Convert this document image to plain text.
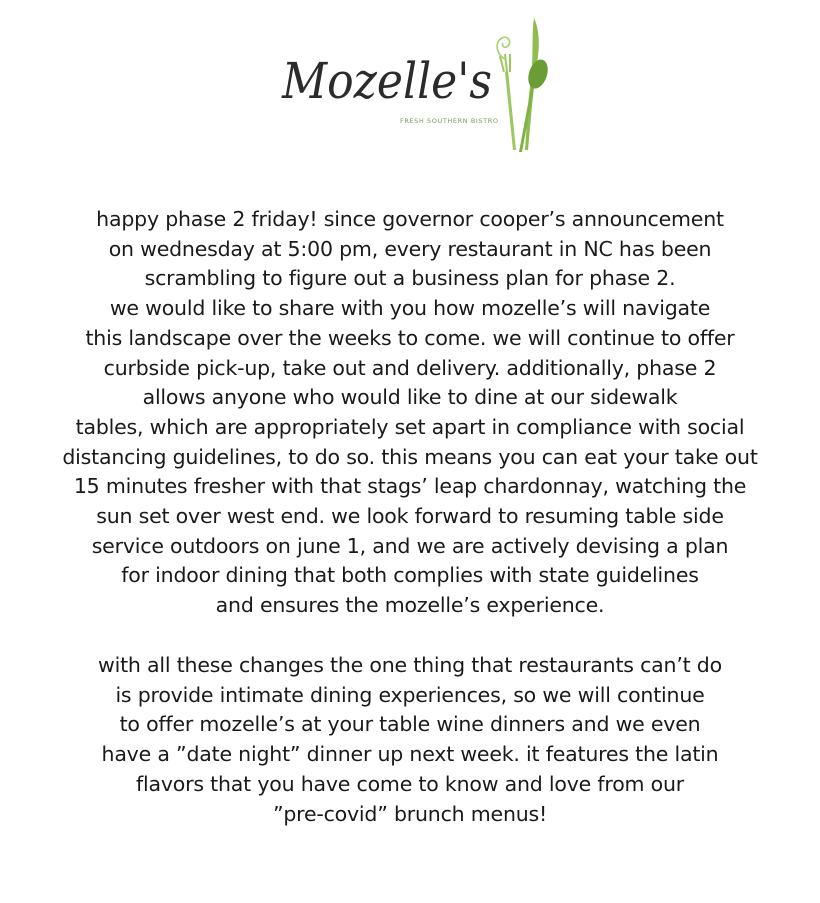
Mozelle's
FRESH SOUTHERN BISTRO
happy phase 2 friday! since governor cooper’s announcement
on wednesday at 5:00 pm, every restaurant in NC has been
scrambling to figure out a business plan for phase 2.
we would like to share with you how mozelle’s will navigate
this landscape over the weeks to come. we will continue to offer
curbside pick-up, take out and delivery. additionally, phase 2
allows anyone who would like to dine at our sidewalk
tables, which are appropriately set apart in compliance with social
distancing guidelines, to do so. this means you can eat your take out
15 minutes fresher with that stags’ leap chardonnay, watching the
sun set over west end. we look forward to resuming table side
service outdoors on june 1, and we are actively devising a plan
for indoor dining that both complies with state guidelines
and ensures the mozelle’s experience.
with all these changes the one thing that restaurants can’t do
is provide intimate dining experiences, so we will continue
to offer mozelle’s at your table wine dinners and we even
have a ”date night” dinner up next week. it features the latin
flavors that you have come to know and love from our
”pre-covid” brunch menus!
